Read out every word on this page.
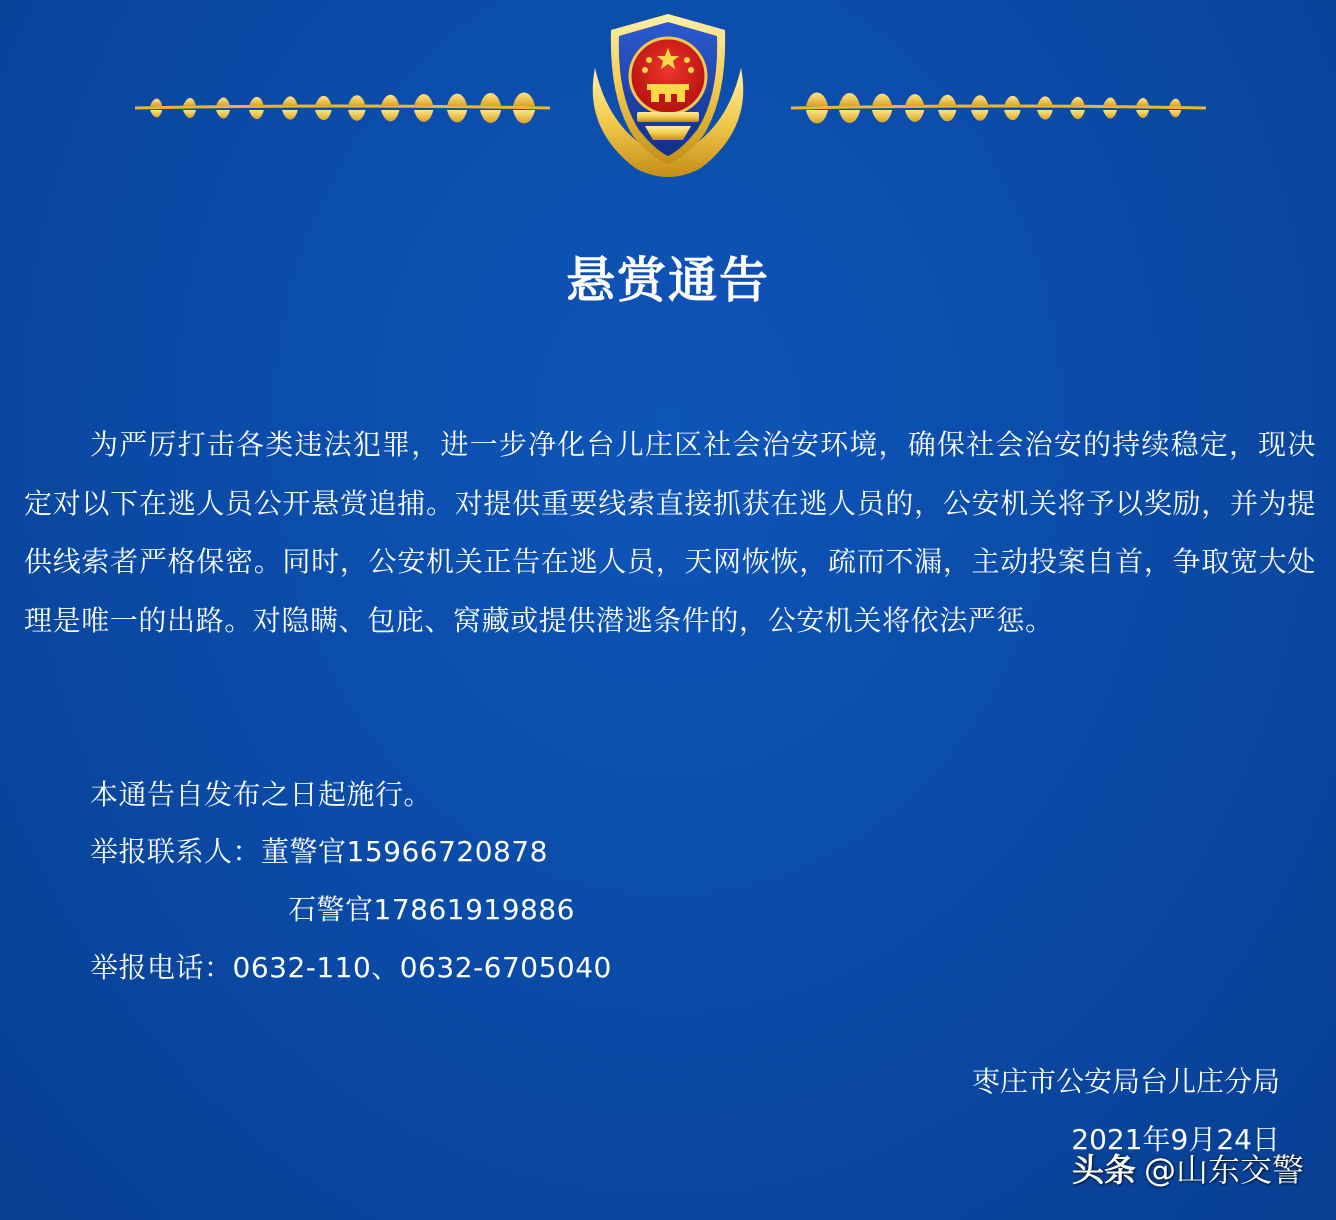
悬赏通告
为严厉打击各类违法犯罪，进一步净化台儿庄区社会治安环境，确保社会治安的持续稳定，现决定对以下在逃人员公开悬赏追捕。对提供重要线索直接抓获在逃人员的，公安机关将予以奖励，并为提供线索者严格保密。同时，公安机关正告在逃人员，天网恢恢，疏而不漏，主动投案自首，争取宽大处理是唯一的出路。对隐瞒、包庇、窝藏或提供潜逃条件的，公安机关将依法严惩。
本通告自发布之日起施行。
举报联系人：董警官15966720878
石警官17861919886
举报电话：0632-110、0632-6705040
枣庄市公安局台儿庄分局
2021年9月24日
头条 @山东交警
